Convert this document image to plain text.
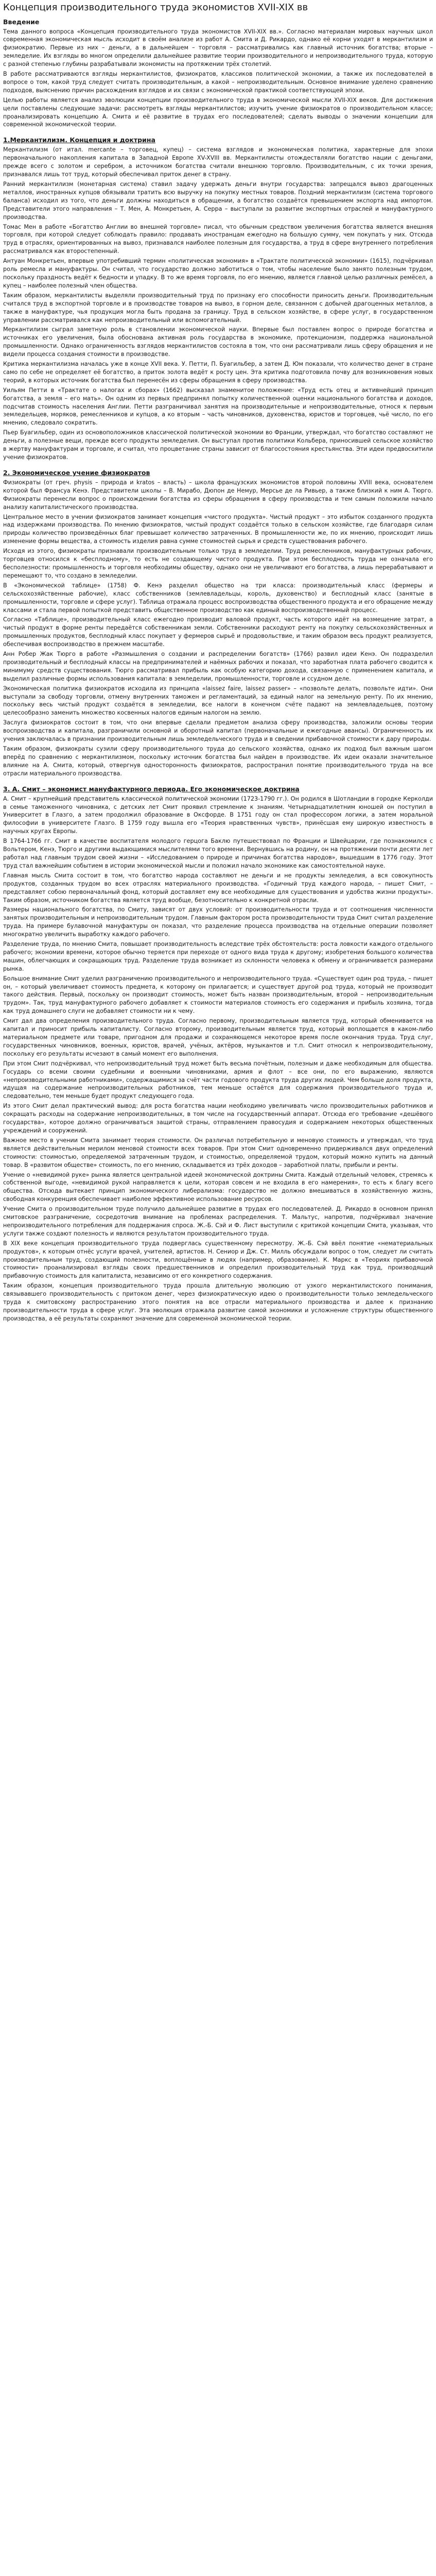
Концепция производительного труда экономистов XVII-XIX вв
Введение

Тема данного вопроса «Концепция производительного труда экономистов XVII-XIX вв.». Согласно материалам мировых научных школ современная экономическая мысль исходит в своём анализе из работ А. Смита и Д. Рикардо, однако её корни уходят в меркантилизм и физиократию. Первые из них – деньги, а в дальнейшем – торговля – рассматривались как главный источник богатства; вторые – земледелие. Их взгляды во многом определили дальнейшее развитие теории производительного и непроизводительного труда, которую с разной степенью глубины разрабатывали экономисты на протяжении трёх столетий.

В работе рассматриваются взгляды меркантилистов, физиократов, классиков политической экономии, а также их последователей в вопросе о том, какой труд следует считать производительным, а какой – непроизводительным. Основное внимание уделено сравнению подходов, выяснению причин расхождения взглядов и их связи с экономической практикой соответствующей эпохи.

Целью работы является анализ эволюции концепции производительного труда в экономической мысли XVII-XIX веков. Для достижения цели поставлены следующие задачи: рассмотреть взгляды меркантилистов; изучить учение физиократов о производительном классе; проанализировать концепцию А. Смита и её развитие в трудах его последователей; сделать выводы о значении концепции для современной экономической теории.

1.Меркантилизм. Концепция и доктрина

Меркантилизм (от итал. mercante – торговец, купец) – система взглядов и экономическая политика, характерные для эпохи первоначального накопления капитала в Западной Европе XV-XVIII вв. Меркантилисты отождествляли богатство нации с деньгами, прежде всего с золотом и серебром, а источником богатства считали внешнюю торговлю. Производительным, с их точки зрения, признавался лишь тот труд, который обеспечивал приток денег в страну.

Ранний меркантилизм (монетарная система) ставил задачу удержать деньги внутри государства: запрещался вывоз драгоценных металлов, иностранных купцов обязывали тратить всю выручку на покупку местных товаров. Поздний меркантилизм (система торгового баланса) исходил из того, что деньги должны находиться в обращении, а богатство создаётся превышением экспорта над импортом. Представители этого направления – Т. Мен, А. Монкретьен, А. Серра – выступали за развитие экспортных отраслей и мануфактурного производства.

Томас Мен в работе «Богатство Англии во внешней торговле» писал, что обычным средством увеличения богатства является внешняя торговля, при которой следует соблюдать правило: продавать иностранцам ежегодно на большую сумму, чем покупать у них. Отсюда труд в отраслях, ориентированных на вывоз, признавался наиболее полезным для государства, а труд в сфере внутреннего потребления рассматривался как второстепенный.

Антуан Монкретьен, впервые употребивший термин «политическая экономия» в «Трактате политической экономии» (1615), подчёркивал роль ремесла и мануфактуры. Он считал, что государство должно заботиться о том, чтобы население было занято полезным трудом, поскольку праздность ведёт к бедности и упадку. В то же время торговля, по его мнению, является главной целью различных ремёсел, а купец – наиболее полезный член общества.

Таким образом, меркантилисты выделяли производительный труд по признаку его способности приносить деньги. Производительным считался труд в экспортной торговле и в производстве товаров на вывоз, в горном деле, связанном с добычей драгоценных металлов, а также в мануфактуре, чья продукция могла быть продана за границу. Труд в сельском хозяйстве, в сфере услуг, в государственном управлении рассматривался как непроизводительный или вспомогательный.

Меркантилизм сыграл заметную роль в становлении экономической науки. Впервые был поставлен вопрос о природе богатства и источниках его увеличения, была обоснована активная роль государства в экономике, протекционизм, поддержка национальной промышленности. Однако ограниченность взглядов меркантилистов состояла в том, что они рассматривали лишь сферу обращения и не видели процесса создания стоимости в производстве.

Критика меркантилизма началась уже в конце XVII века. У. Петти, П. Буагильбер, а затем Д. Юм показали, что количество денег в стране само по себе не определяет её богатство, а приток золота ведёт к росту цен. Эта критика подготовила почву для возникновения новых теорий, в которых источник богатства был перенесён из сферы обращения в сферу производства.

Уильям Петти в «Трактате о налогах и сборах» (1662) высказал знаменитое положение: «Труд есть отец и активнейший принцип богатства, а земля – его мать». Он одним из первых предпринял попытку количественной оценки национального богатства и доходов, подсчитав стоимость населения Англии. Петти разграничивал занятия на производительные и непроизводительные, относя к первым земледельцев, моряков, ремесленников и купцов, а ко вторым – часть чиновников, духовенства, юристов и торговцев, чьё число, по его мнению, следовало сократить.

Пьер Буагильбер, один из основоположников классической политической экономии во Франции, утверждал, что богатство составляют не деньги, а полезные вещи, прежде всего продукты земледелия. Он выступал против политики Кольбера, приносившей сельское хозяйство в жертву мануфактурам и торговле, и считал, что процветание страны зависит от благосостояния крестьянства. Эти идеи предвосхитили учение физиократов.

2. Экономическое учение физиократов

Физиократы (от греч. physis – природа и kratos – власть) – школа французских экономистов второй половины XVIII века, основателем которой был Франсуа Кенэ. Представители школы – В. Мирабо, Дюпон де Немур, Мерсье де ла Ривьер, а также близкий к ним А. Тюрго. Физиократы перенесли вопрос о происхождении богатства из сферы обращения в сферу производства и тем самым положили начало анализу капиталистического производства.

Центральное место в учении физиократов занимает концепция «чистого продукта». Чистый продукт – это избыток созданного продукта над издержками производства. По мнению физиократов, чистый продукт создаётся только в сельском хозяйстве, где благодаря силам природы количество произведённых благ превышает количество затраченных. В промышленности же, по их мнению, происходит лишь изменение формы вещества, а стоимость изделия равна сумме стоимостей сырья и средств существования рабочего.

Исходя из этого, физиократы признавали производительным только труд в земледелии. Труд ремесленников, мануфактурных рабочих, торговцев относился к «бесплодному», то есть не создающему чистого продукта. При этом бесплодность труда не означала его бесполезности: промышленность и торговля необходимы обществу, однако они не увеличивают его богатства, а лишь перерабатывают и перемещают то, что создано в земледелии.

В «Экономической таблице» (1758) Ф. Кенэ разделил общество на три класса: производительный класс (фермеры и сельскохозяйственные рабочие), класс собственников (землевладельцы, король, духовенство) и бесплодный класс (занятые в промышленности, торговле и сфере услуг). Таблица отражала процесс воспроизводства общественного продукта и его обращение между классами и стала первой попыткой представить общественное производство как единый воспроизводственный процесс.

Согласно «Таблице», производительный класс ежегодно производит валовой продукт, часть которого идёт на возмещение затрат, а чистый продукт в форме ренты передаётся собственникам земли. Собственники расходуют ренту на покупку сельскохозяйственных и промышленных продуктов, бесплодный класс покупает у фермеров сырьё и продовольствие, и таким образом весь продукт реализуется, обеспечивая воспроизводство в прежнем масштабе.

Анн Робер Жак Тюрго в работе «Размышления о создании и распределении богатств» (1766) развил идеи Кенэ. Он подразделил производительный и бесплодный классы на предпринимателей и наёмных рабочих и показал, что заработная плата рабочего сводится к минимуму средств существования. Тюрго рассматривал прибыль как особую категорию дохода, связанную с применением капитала, и выделил различные формы использования капитала: в земледелии, промышленности, торговле и ссудном деле.

Экономическая политика физиократов исходила из принципа «laissez faire, laissez passer» – «позвольте делать, позвольте идти». Они выступали за свободу торговли, отмену внутренних таможен и регламентаций, за единый налог на земельную ренту. По их мнению, поскольку весь чистый продукт создаётся в земледелии, все налоги в конечном счёте падают на землевладельцев, поэтому целесообразно заменить множество косвенных налогов единым налогом на землю.

Заслуга физиократов состоит в том, что они впервые сделали предметом анализа сферу производства, заложили основы теории воспроизводства и капитала, разграничили основной и оборотный капитал (первоначальные и ежегодные авансы). Ограниченность их учения заключалась в признании производительным лишь земледельческого труда и в сведении прибавочной стоимости к дару природы.

Таким образом, физиократы сузили сферу производительного труда до сельского хозяйства, однако их подход был важным шагом вперёд по сравнению с меркантилизмом, поскольку источник богатства был найден в производстве. Их идеи оказали значительное влияние на А. Смита, который, отвергнув односторонность физиократов, распространил понятие производительного труда на все отрасли материального производства.

3. А. Смит – экономист мануфактурного периода. Его экономическое доктрина

А. Смит – крупнейший представитель классической политической экономии (1723-1790 гг.). Он родился в Шотландии в городке Керколди в семье таможенного чиновника, с детских лет Смит проявил стремление к знаниям. Четырнадцатилетним юношей он поступил в Университет в Глазго, а затем продолжил образование в Оксфорде. В 1751 году он стал профессором логики, а затем моральной философии в университете Глазго. В 1759 году вышла его «Теория нравственных чувств», принёсшая ему широкую известность в научных кругах Европы.

В 1764-1766 гг. Смит в качестве воспитателя молодого герцога Баклю путешествовал по Франции и Швейцарии, где познакомился с Вольтером, Кенэ, Тюрго и другими выдающимися мыслителями того времени. Вернувшись на родину, он на протяжении почти десяти лет работал над главным трудом своей жизни – «Исследованием о природе и причинах богатства народов», вышедшим в 1776 году. Этот труд стал важнейшим событием в истории экономической мысли и положил начало экономике как самостоятельной науке.

Главная мысль Смита состоит в том, что богатство народа составляют не деньги и не продукты земледелия, а вся совокупность продуктов, созданных трудом во всех отраслях материального производства. «Годичный труд каждого народа, – пишет Смит, – представляет собою первоначальный фонд, который доставляет ему все необходимые для существования и удобства жизни продукты». Таким образом, источником богатства является труд вообще, безотносительно к конкретной отрасли.

Размеры национального богатства, по Смиту, зависят от двух условий: от производительности труда и от соотношения численности занятых производительным и непроизводительным трудом. Главным фактором роста производительности труда Смит считал разделение труда. На примере булавочной мануфактуры он показал, что разделение процесса производства на отдельные операции позволяет многократно увеличить выработку каждого рабочего.

Разделение труда, по мнению Смита, повышает производительность вследствие трёх обстоятельств: роста ловкости каждого отдельного рабочего; экономии времени, которое обычно теряется при переходе от одного вида труда к другому; изобретения большого количества машин, облегчающих и сокращающих труд. Разделение труда возникает из склонности человека к обмену и ограничивается размерами рынка.

Большое внимание Смит уделил разграничению производительного и непроизводительного труда. «Существует один род труда, – пишет он, – который увеличивает стоимость предмета, к которому он прилагается; и существует другой род труда, который не производит такого действия. Первый, поскольку он производит стоимость, может быть назван производительным, второй – непроизводительным трудом». Так, труд мануфактурного рабочего добавляет к стоимости материалов стоимость его содержания и прибыль хозяина, тогда как труд домашнего слуги не добавляет стоимости ни к чему.

Смит дал два определения производительного труда. Согласно первому, производительным является труд, который обменивается на капитал и приносит прибыль капиталисту. Согласно второму, производительным является труд, который воплощается в каком-либо материальном предмете или товаре, пригодном для продажи и сохраняющемся некоторое время после окончания труда. Труд слуг, государственных чиновников, военных, юристов, врачей, учёных, актёров, музыкантов и т.п. Смит относил к непроизводительному, поскольку его результаты исчезают в самый момент его выполнения.

При этом Смит подчёркивал, что непроизводительный труд может быть весьма почётным, полезным и даже необходимым для общества. Государь со всеми своими судебными и военными чиновниками, армия и флот – все они, по его выражению, являются «непроизводительными работниками», содержащимися за счёт части годового продукта труда других людей. Чем больше доля продукта, идущая на содержание непроизводительных работников, тем меньше остаётся для содержания производительного труда и, следовательно, тем меньше будет продукт следующего года.

Из этого Смит делал практический вывод: для роста богатства нации необходимо увеличивать число производительных работников и сокращать расходы на содержание непроизводительных, в том числе на государственный аппарат. Отсюда его требование «дешёвого государства», которое должно ограничиваться защитой страны, отправлением правосудия и содержанием некоторых общественных учреждений и сооружений.

Важное место в учении Смита занимает теория стоимости. Он различал потребительную и меновую стоимость и утверждал, что труд является действительным мерилом меновой стоимости всех товаров. При этом Смит одновременно придерживался двух определений стоимости: стоимостью, определяемой затраченным трудом, и стоимостью, определяемой трудом, который можно купить на данный товар. В «развитом обществе» стоимость, по его мнению, складывается из трёх доходов – заработной платы, прибыли и ренты.

Учение о «невидимой руке» рынка является центральной идеей экономической доктрины Смита. Каждый отдельный человек, стремясь к собственной выгоде, «невидимой рукой направляется к цели, которая совсем и не входила в его намерения», то есть к благу всего общества. Отсюда вытекает принцип экономического либерализма: государство не должно вмешиваться в хозяйственную жизнь, свободная конкуренция обеспечивает наиболее эффективное использование ресурсов.

Учение Смита о производительном труде получило дальнейшее развитие в трудах его последователей. Д. Рикардо в основном принял смитовское разграничение, сосредоточив внимание на проблемах распределения. Т. Мальтус, напротив, подчёркивал значение непроизводительного потребления для поддержания спроса. Ж.-Б. Сэй и Ф. Лист выступили с критикой концепции Смита, указывая, что услуги также создают полезность и являются результатом производительного труда.

В XIX веке концепция производительного труда подверглась существенному пересмотру. Ж.-Б. Сэй ввёл понятие «нематериальных продуктов», к которым отнёс услуги врачей, учителей, артистов. Н. Сениор и Дж. Ст. Милль обсуждали вопрос о том, следует ли считать производительным труд, создающий полезности, воплощённые в людях (например, образование). К. Маркс в «Теориях прибавочной стоимости» проанализировал взгляды своих предшественников и определил производительный труд как труд, производящий прибавочную стоимость для капиталиста, независимо от его конкретного содержания.

Таким образом, концепция производительного труда прошла длительную эволюцию от узкого меркантилистского понимания, связывавшего производительность с притоком денег, через физиократическую идею о производительности только земледельческого труда к смитовскому распространению этого понятия на все отрасли материального производства и далее к признанию производительности труда в сфере услуг. Эта эволюция отражала развитие самой экономики и усложнение структуры общественного производства, а её результаты сохраняют значение для современной экономической теории.
